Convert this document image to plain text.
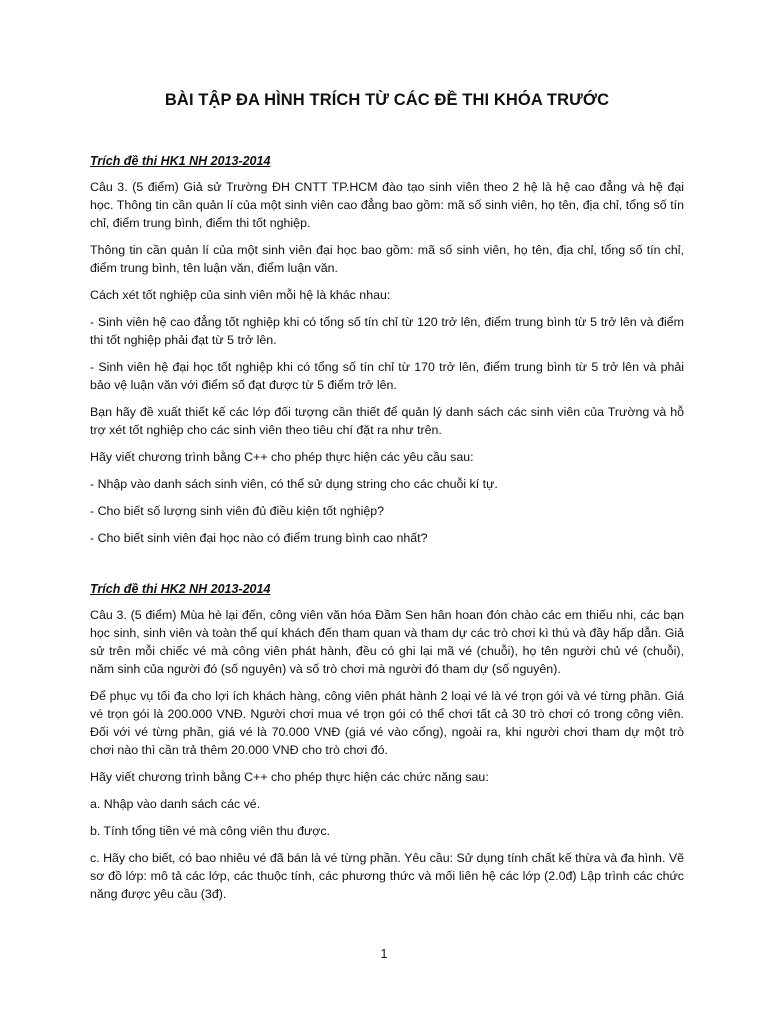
BÀI TẬP ĐA HÌNH TRÍCH TỪ CÁC ĐỀ THI KHÓA TRƯỚC
Trích đề thi HK1 NH 2013-2014

Câu 3. (5 điểm) Giả sử Trường ĐH CNTT TP.HCM đào tạo sinh viên theo 2 hệ là hệ cao đẳng và hệ đại học. Thông tin cần quản lí của một sinh viên cao đẳng bao gồm: mã số sinh viên, họ tên, địa chỉ, tổng số tín chỉ, điểm trung bình, điểm thi tốt nghiệp.

Thông tin cần quản lí của một sinh viên đại học bao gồm: mã số sinh viên, họ tên, địa chỉ, tổng số tín chỉ, điểm trung bình, tên luận văn, điểm luận văn.

Cách xét tốt nghiệp của sinh viên mỗi hệ là khác nhau:

- Sinh viên hệ cao đẳng tốt nghiệp khi có tổng số tín chỉ từ 120 trở lên, điểm trung bình từ 5 trở lên và điểm thi tốt nghiệp phải đạt từ 5 trở lên.

- Sinh viên hệ đại học tốt nghiệp khi có tổng số tín chỉ từ 170 trở lên, điểm trung bình từ 5 trở lên và phải bảo vệ luận văn với điểm số đạt được từ 5 điểm trở lên.

Bạn hãy đề xuất thiết kế các lớp đối tượng cần thiết để quản lý danh sách các sinh viên của Trường và hỗ trợ xét tốt nghiệp cho các sinh viên theo tiêu chí đặt ra như trên.

Hãy viết chương trình bằng C++ cho phép thực hiện các yêu cầu sau:

- Nhập vào danh sách sinh viên, có thể sử dụng string cho các chuỗi kí tự.

- Cho biết số lượng sinh viên đủ điều kiện tốt nghiệp?

- Cho biết sinh viên đại học nào có điểm trung bình cao nhất?

Trích đề thi HK2 NH 2013-2014

Câu 3. (5 điểm) Mùa hè lại đến, công viên văn hóa Đầm Sen hân hoan đón chào các em thiếu nhi, các bạn học sinh, sinh viên và toàn thể quí khách đến tham quan và tham dự các trò chơi kì thú và đầy hấp dẫn. Giả sử trên mỗi chiếc vé mà công viên phát hành, đều có ghi lại mã vé (chuỗi), họ tên người chủ vé (chuỗi), năm sinh của người đó (số nguyên) và số trò chơi mà người đó tham dự (số nguyên).

Để phục vụ tối đa cho lợi ích khách hàng, công viên phát hành 2 loại vé là vé trọn gói và vé từng phần. Giá vé trọn gói là 200.000 VNĐ. Người chơi mua vé trọn gói có thể chơi tất cả 30 trò chơi có trong công viên. Đối với vé từng phần, giá vé là 70.000 VNĐ (giá vé vào cổng), ngoài ra, khi người chơi tham dự một trò chơi nào thì cần trả thêm 20.000 VNĐ cho trò chơi đó.

Hãy viết chương trình bằng C++ cho phép thực hiện các chức năng sau:

a. Nhập vào danh sách các vé.

b. Tính tổng tiền vé mà công viên thu được.

c. Hãy cho biết, có bao nhiêu vé đã bán là vé từng phần. Yêu cầu: Sử dụng tính chất kế thừa và đa hình. Vẽ sơ đồ lớp: mô tả các lớp, các thuộc tính, các phương thức và mối liên hệ các lớp (2.0đ) Lập trình các chức năng được yêu cầu (3đ).

1
